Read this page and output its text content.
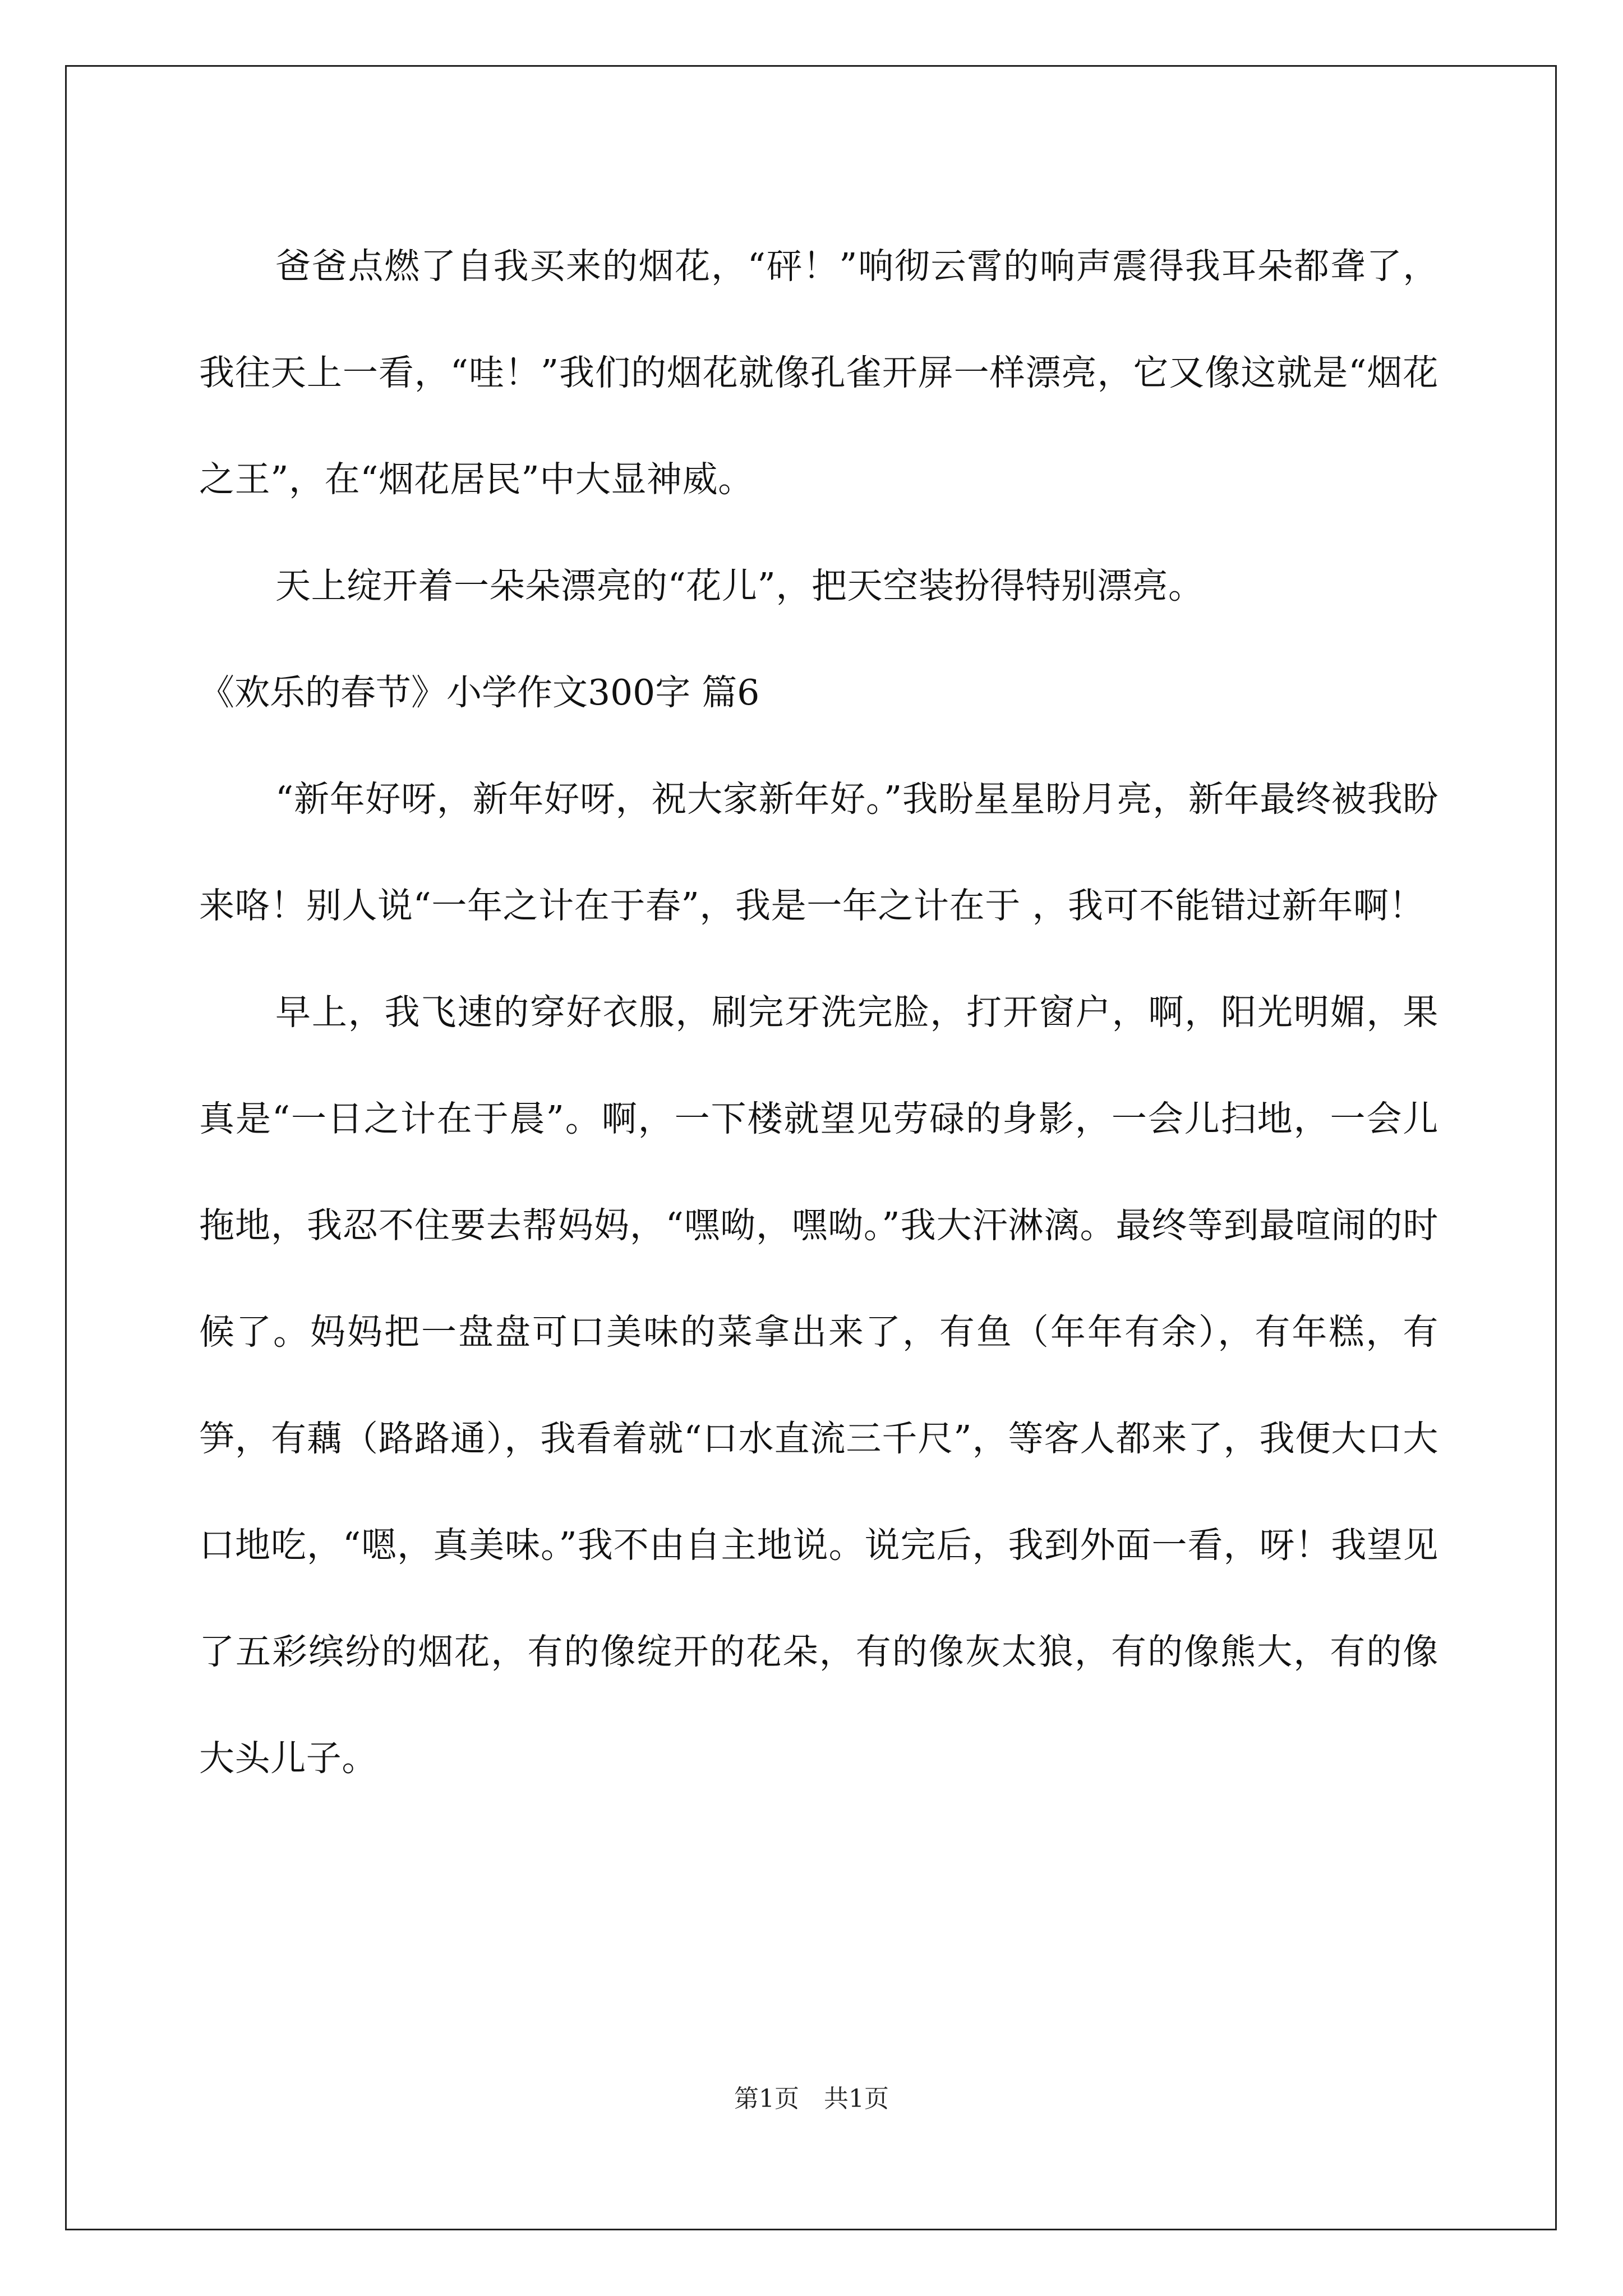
爸爸点燃了自我买来的烟花，“砰！”响彻云霄的响声震得我耳朵都聋了，我往天上一看，“哇！”我们的烟花就像孔雀开屏一样漂亮，它又像这就是“烟花之王”，在“烟花居民”中大显神威。

天上绽开着一朵朵漂亮的“花儿”，把天空装扮得特别漂亮。

《欢乐的春节》小学作文300字 篇6

“新年好呀，新年好呀，祝大家新年好。”我盼星星盼月亮，新年最终被我盼来咯！别人说“一年之计在于春”，我是一年之计在于 ，我可不能错过新年啊！

早上，我飞速的穿好衣服，刷完牙洗完脸，打开窗户，啊，阳光明媚，果真是“一日之计在于晨”。啊，一下楼就望见劳碌的身影，一会儿扫地，一会儿拖地，我忍不住要去帮妈妈，“嘿呦，嘿呦。”我大汗淋漓。最终等到最喧闹的时候了。妈妈把一盘盘可口美味的菜拿出来了，有鱼（年年有余），有年糕，有笋，有藕（路路通），我看着就“口水直流三千尺”，等客人都来了，我便大口大口地吃，“嗯，真美味。”我不由自主地说。说完后，我到外面一看，呀！我望见了五彩缤纷的烟花，有的像绽开的花朵，有的像灰太狼，有的像熊大，有的像大头儿子。

第1页　共1页
